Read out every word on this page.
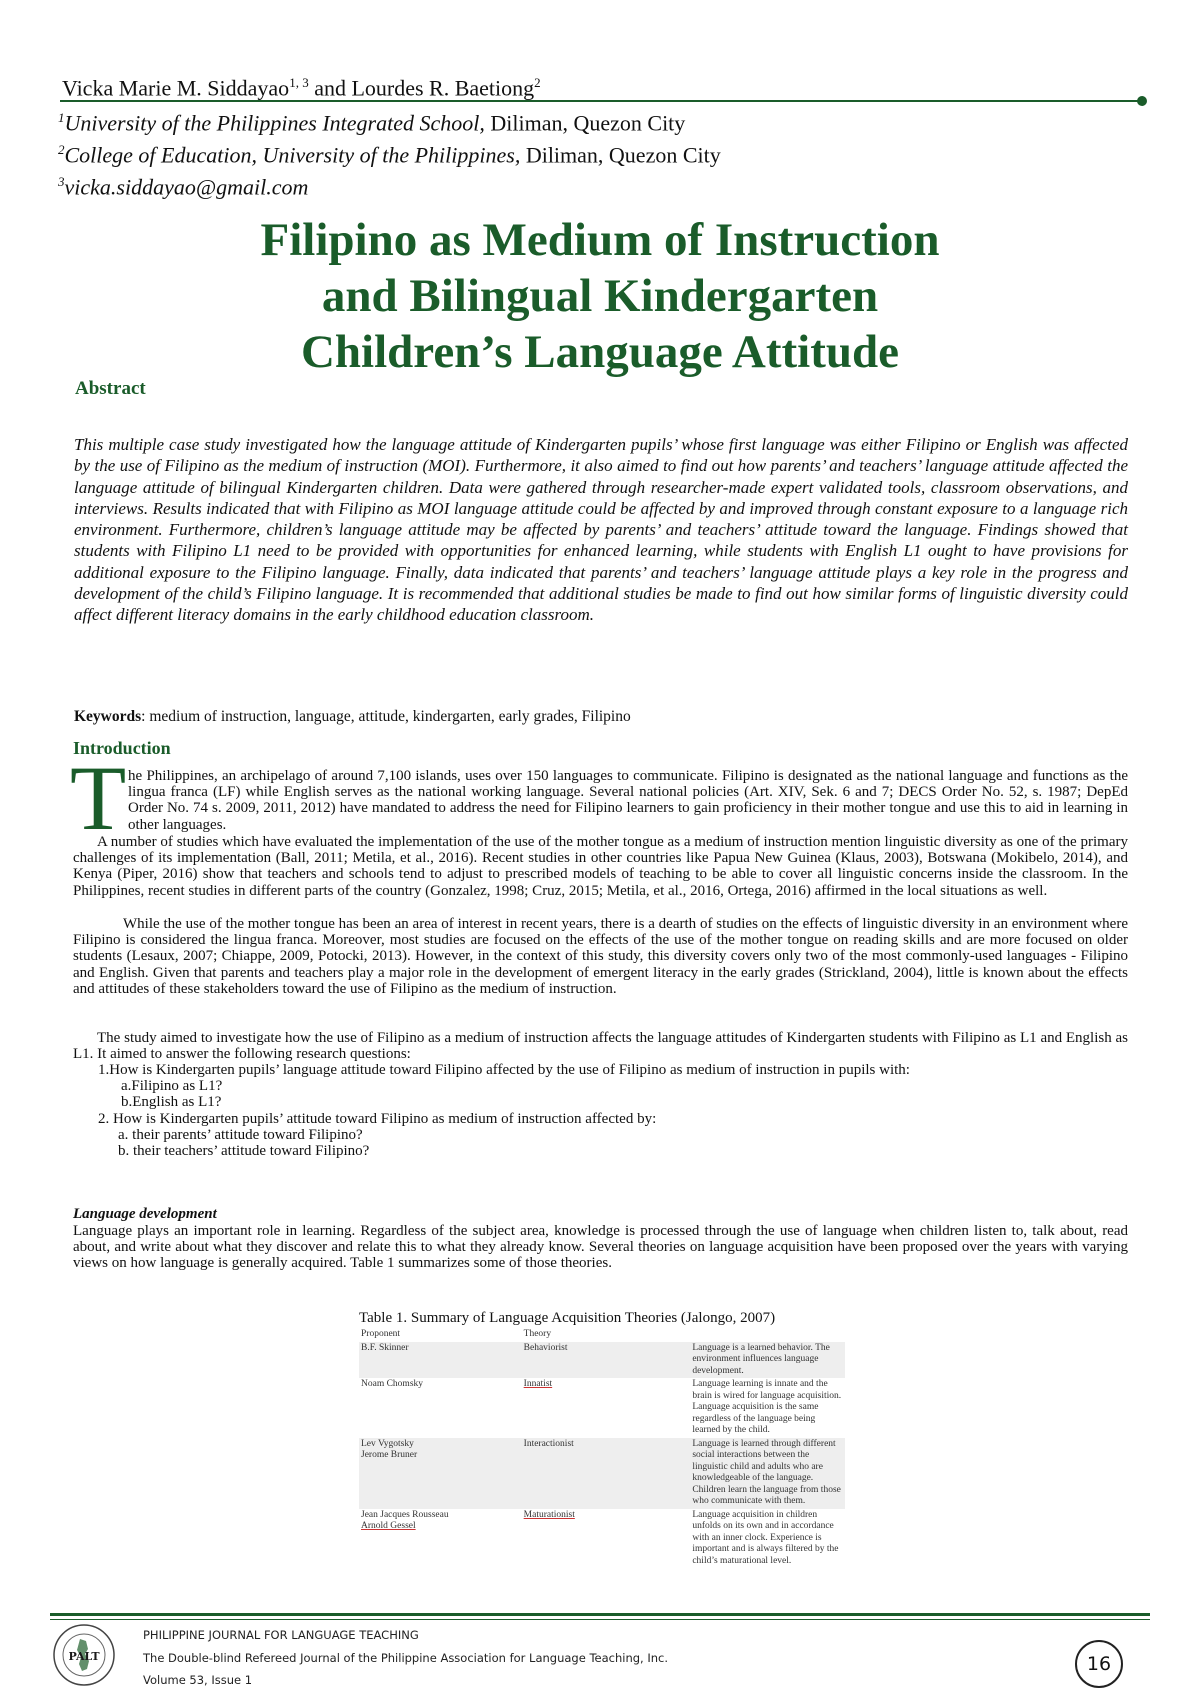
Vicka Marie M. Siddayao$^{1, 3}$ and Lourdes R. Baetiong$^2$
$^1$University of the Philippines Integrated School, Diliman, Quezon City
$^2$College of Education, University of the Philippines, Diliman, Quezon City
$^3$vicka.siddayao@gmail.com
Filipino as Medium of Instruction
and Bilingual Kindergarten
Children’s Language Attitude
Abstract
This multiple case study investigated how the language attitude of Kindergarten pupils’ whose first language was either Filipino or English was affected by the use of Filipino as the medium of instruction (MOI). Furthermore, it also aimed to find out how parents’ and teachers’ language attitude affected the language attitude of bilingual Kindergarten children. Data were gathered through researcher-made expert validated tools, classroom observations, and interviews. Results indicated that with Filipino as MOI language attitude could be affected by and improved through constant exposure to a language rich environment. Furthermore, children’s language attitude may be affected by parents’ and teachers’ attitude toward the language. Findings showed that students with Filipino L1 need to be provided with opportunities for enhanced learning, while students with English L1 ought to have provisions for additional exposure to the Filipino language. Finally, data indicated that parents’ and teachers’ language attitude plays a key role in the progress and development of the child’s Filipino language. It is recommended that additional studies be made to find out how similar forms of linguistic diversity could affect different literacy domains in the early childhood education classroom.
Keywords: medium of instruction, language, attitude, kindergarten, early grades, Filipino
Introduction
T he Philippines, an archipelago of around 7,100 islands, uses over 150 languages to communicate. Filipino is designated as the national language and functions as the lingua franca (LF) while English serves as the national working language. Several national policies (Art. XIV, Sek. 6 and 7; DECS Order No. 52, s. 1987; DepEd Order No. 74 s. 2009, 2011, 2012) have mandated to address the need for Filipino learners to gain proficiency in their mother tongue and use this to aid in learning in other languages.
A number of studies which have evaluated the implementation of the use of the mother tongue as a medium of instruction mention linguistic diversity as one of the primary challenges of its implementation (Ball, 2011; Metila, et al., 2016). Recent studies in other countries like Papua New Guinea (Klaus, 2003), Botswana (Mokibelo, 2014), and Kenya (Piper, 2016) show that teachers and schools tend to adjust to prescribed models of teaching to be able to cover all linguistic concerns inside the classroom. In the Philippines, recent studies in different parts of the country (Gonzalez, 1998; Cruz, 2015; Metila, et al., 2016, Ortega, 2016) affirmed in the local situations as well.
While the use of the mother tongue has been an area of interest in recent years, there is a dearth of studies on the effects of linguistic diversity in an environment where Filipino is considered the lingua franca. Moreover, most studies are focused on the effects of the use of the mother tongue on reading skills and are more focused on older students (Lesaux, 2007; Chiappe, 2009, Potocki, 2013). However, in the context of this study, this diversity covers only two of the most commonly-used languages - Filipino and English. Given that parents and teachers play a major role in the development of emergent literacy in the early grades (Strickland, 2004), little is known about the effects and attitudes of these stakeholders toward the use of Filipino as the medium of instruction.
The study aimed to investigate how the use of Filipino as a medium of instruction affects the language attitudes of Kindergarten students with Filipino as L1 and English as L1. It aimed to answer the following research questions:
1.How is Kindergarten pupils’ language attitude toward Filipino affected by the use of Filipino as medium of instruction in pupils with:
a.Filipino as L1?
b.English as L1?
2. How is Kindergarten pupils’ attitude toward Filipino as medium of instruction affected by:
a. their parents’ attitude toward Filipino?
b. their teachers’ attitude toward Filipino?
Language development
Language plays an important role in learning. Regardless of the subject area, knowledge is processed through the use of language when children listen to, talk about, read about, and write about what they discover and relate this to what they already know. Several theories on language acquisition have been proposed over the years with varying views on how language is generally acquired. Table 1 summarizes some of those theories.
Table 1. Summary of Language Acquisition Theories (Jalongo, 2007)
Proponent	Theory	

B.F. Skinner	Behaviorist	Language is a learned behavior. The environment influences language development.

Noam Chomsky	Innatist	Language learning is innate and the brain is wired for language acquisition. Language acquisition is the same regardless of the language being learned by the child.

Lev Vygotsky
Jerome Bruner	Interactionist	Language is learned through different social interactions between the linguistic child and adults who are knowledgeable of the language. Children learn the language from those who communicate with them.

Jean Jacques Rousseau
Arnold Gessel	Maturationist	Language acquisition in children unfolds on its own and in accordance with an inner clock. Experience is important and is always filtered by the child’s maturational level.
PALT
PHILIPPINE JOURNAL FOR LANGUAGE TEACHING
The Double-blind Refereed Journal of the Philippine Association for Language Teaching, Inc.
Volume 53, Issue 1
16
